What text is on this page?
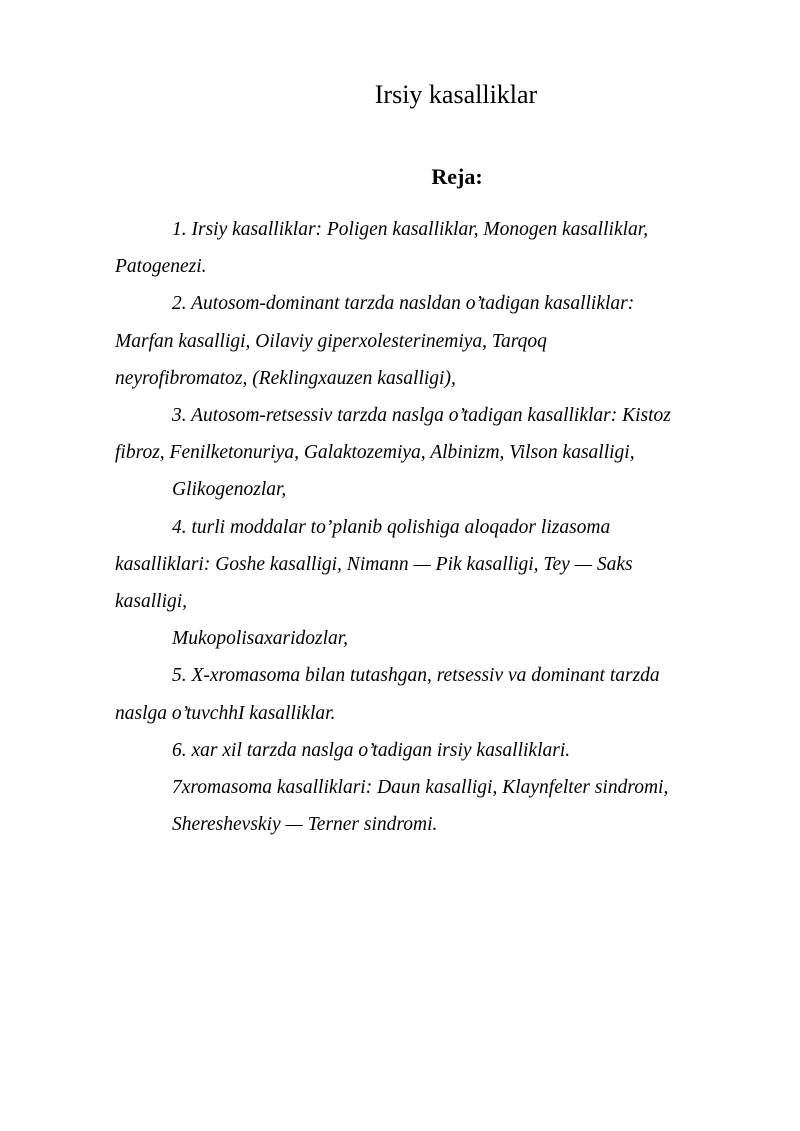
Irsiy kasalliklar
Reja:

1. Irsiy kasalliklar: Poligen kasalliklar, Monogen kasalliklar,

Patogenezi.

2. Autosom-dominant tarzda nasldan o’tadigan kasalliklar:

Marfan kasalligi, Oilaviy giperxolesterinemiya, Tarqoq

neyrofibromatoz, (Reklingxauzen kasalligi),

3. Autosom-retsessiv tarzda naslga o’tadigan kasalliklar: Kistoz

fibroz, Fenilketonuriya, Galaktozemiya, Albinizm, Vilson kasalligi,

Glikogenozlar,

4. turli moddalar to’planib qolishiga aloqador lizasoma

kasalliklari: Goshe kasalligi, Nimann — Pik kasalligi, Tey — Saks

kasalligi,

Mukopolisaxaridozlar,

5. X-xromasoma bilan tutashgan, retsessiv va dominant tarzda

naslga o’tuvchhI kasalliklar.

6. xar xil tarzda naslga o’tadigan irsiy kasalliklari.

7xromasoma kasalliklari: Daun kasalligi, Klaynfelter sindromi,

Shereshevskiy — Terner sindromi.
